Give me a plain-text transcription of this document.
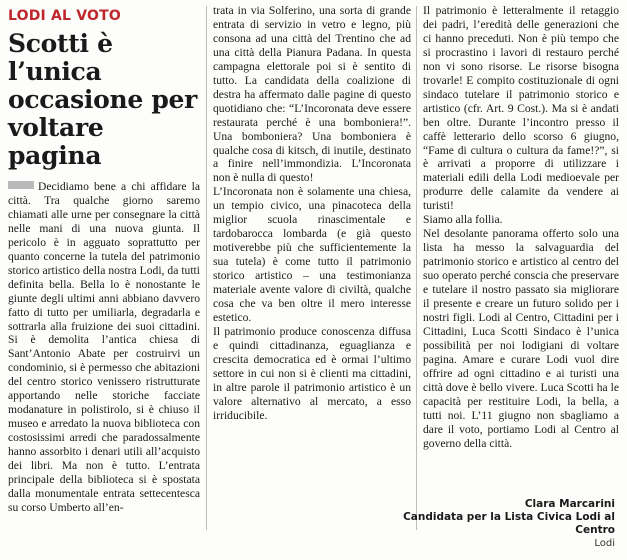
LODI AL VOTO
Scotti è l’unica occasione per voltare pagina

Decidiamo bene a chi affidare la città. Tra qualche giorno saremo chiamati alle urne per consegnare la città nelle mani di una nuova giunta. Il pericolo è in agguato soprattutto per quanto concerne la tutela del patrimonio storico artistico della nostra Lodi, da tutti definita bella. Bella lo è nonostante le giunte degli ultimi anni abbiano davvero fatto di tutto per umiliarla, degradarla e sottrarla alla fruizione dei suoi cittadini. Si è demolita l’antica chiesa di Sant’Antonio Abate per costruirvi un condominio, si è permesso che abitazioni del centro storico venissero ristrutturate apportando nelle storiche facciate modanature in polistirolo, si è chiuso il museo e arredato la nuova biblioteca con costosissimi arredi che paradossalmente hanno assorbito i denari utili all’acquisto dei libri. Ma non è tutto. L’entrata principale della biblioteca si è spostata dalla monumentale entrata settecentesca su corso Umberto all’en-

trata in via Solferino, una sorta di grande entrata di servizio in vetro e legno, più consona ad una città del Trentino che ad una città della Pianura Padana. In questa campagna elettorale poi si è sentito di tutto. La candidata della coalizione di destra ha affermato dalle pagine di questo quotidiano che: “L’Incoronata deve essere restaurata perché è una bomboniera!”. Una bomboniera? Una bomboniera è qualche cosa di kitsch, di inutile, destinato a finire nell’immondizia. L’Incoronata non è nulla di questo!

L’Incoronata non è solamente una chiesa, un tempio civico, una pinacoteca della miglior scuola rinascimentale e tardobarocca lombarda (e già questo motiverebbe più che sufficientemente la sua tutela) è come tutto il patrimonio storico artistico – una testimonianza materiale avente valore di civiltà, qualche cosa che va ben oltre il mero interesse estetico.

Il patrimonio produce conoscenza diffusa e quindi cittadinanza, eguaglianza e crescita democratica ed è ormai l’ultimo settore in cui non si è clienti ma cittadini, in altre parole il patrimonio artistico è un valore alternativo al mercato, a esso irriducibile.

Il patrimonio è letteralmente il retaggio dei padri, l’eredità delle generazioni che ci hanno preceduti. Non è più tempo che si procrastino i lavori di restauro perché non vi sono risorse. Le risorse bisogna trovarle! E compito costituzionale di ogni sindaco tutelare il patrimonio storico e artistico (cfr. Art. 9 Cost.). Ma si è andati ben oltre. Durante l’incontro presso il caffè letterario dello scorso 6 giugno, “Fame di cultura o cultura da fame!?”, si è arrivati a proporre di utilizzare i materiali edili della Lodi medioevale per produrre delle calamite da vendere ai turisti!

Siamo alla follia.

Nel desolante panorama offerto solo una lista ha messo la salvaguardia del patrimonio storico e artistico al centro del suo operato perché conscia che preservare e tutelare il nostro passato sia migliorare il presente e creare un futuro solido per i nostri figli. Lodi al Centro, Cittadini per i Cittadini, Luca Scotti Sindaco è l’unica possibilità per noi lodigiani di voltare pagina. Amare e curare Lodi vuol dire offrire ad ogni cittadino e ai turisti una città dove è bello vivere. Luca Scotti ha le capacità per restituire Lodi, la bella, a tutti noi. L’11 giugno non sbagliamo a dare il voto, portiamo Lodi al Centro al governo della città.

Clara Marcarini
Candidata per la Lista Civica Lodi al
Centro
Lodi
